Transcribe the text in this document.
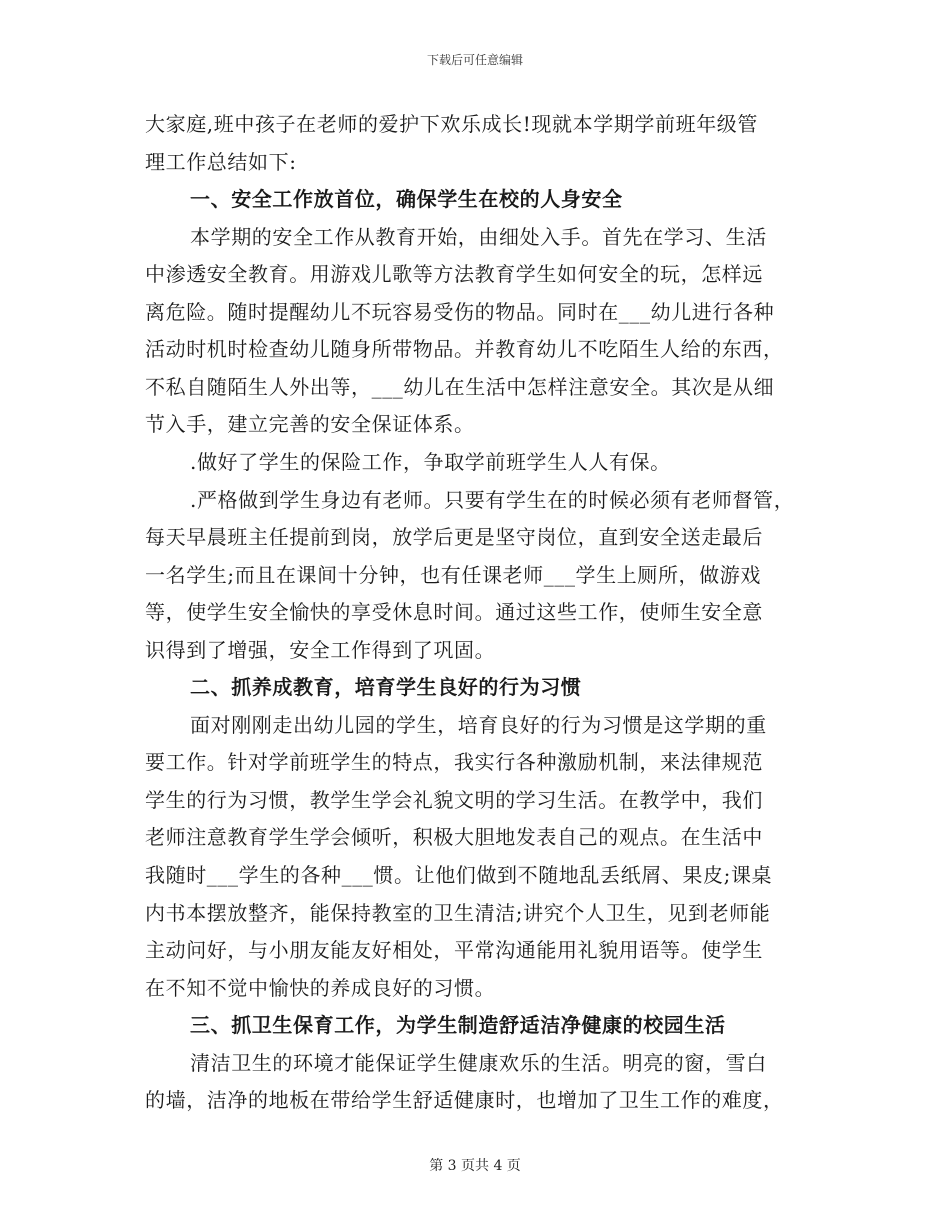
下载后可任意编辑
大家庭,班中孩子在老师的爱护下欢乐成长!现就本学期学前班年级管
理工作总结如下:
一、安全工作放首位，确保学生在校的人身安全
本学期的安全工作从教育开始，由细处入手。首先在学习、生活
中渗透安全教育。用游戏儿歌等方法教育学生如何安全的玩，怎样远
离危险。随时提醒幼儿不玩容易受伤的物品。同时在___幼儿进行各种
活动时机时检查幼儿随身所带物品。并教育幼儿不吃陌生人给的东西，
不私自随陌生人外出等，___幼儿在生活中怎样注意安全。其次是从细
节入手，建立完善的安全保证体系。
.做好了学生的保险工作，争取学前班学生人人有保。
.严格做到学生身边有老师。只要有学生在的时候必须有老师督管，
每天早晨班主任提前到岗，放学后更是坚守岗位，直到安全送走最后
一名学生;而且在课间十分钟，也有任课老师___学生上厕所，做游戏
等，使学生安全愉快的享受休息时间。通过这些工作，使师生安全意
识得到了增强，安全工作得到了巩固。
二、抓养成教育，培育学生良好的行为习惯
面对刚刚走出幼儿园的学生，培育良好的行为习惯是这学期的重
要工作。针对学前班学生的特点，我实行各种激励机制，来法律规范
学生的行为习惯，教学生学会礼貌文明的学习生活。在教学中，我们
老师注意教育学生学会倾听，积极大胆地发表自己的观点。在生活中
我随时___学生的各种___惯。让他们做到不随地乱丢纸屑、果皮;课桌
内书本摆放整齐，能保持教室的卫生清洁;讲究个人卫生，见到老师能
主动问好，与小朋友能友好相处，平常沟通能用礼貌用语等。使学生
在不知不觉中愉快的养成良好的习惯。
三、抓卫生保育工作，为学生制造舒适洁净健康的校园生活
清洁卫生的环境才能保证学生健康欢乐的生活。明亮的窗，雪白
的墙，洁净的地板在带给学生舒适健康时，也增加了卫生工作的难度，
第 3 页共 4 页
